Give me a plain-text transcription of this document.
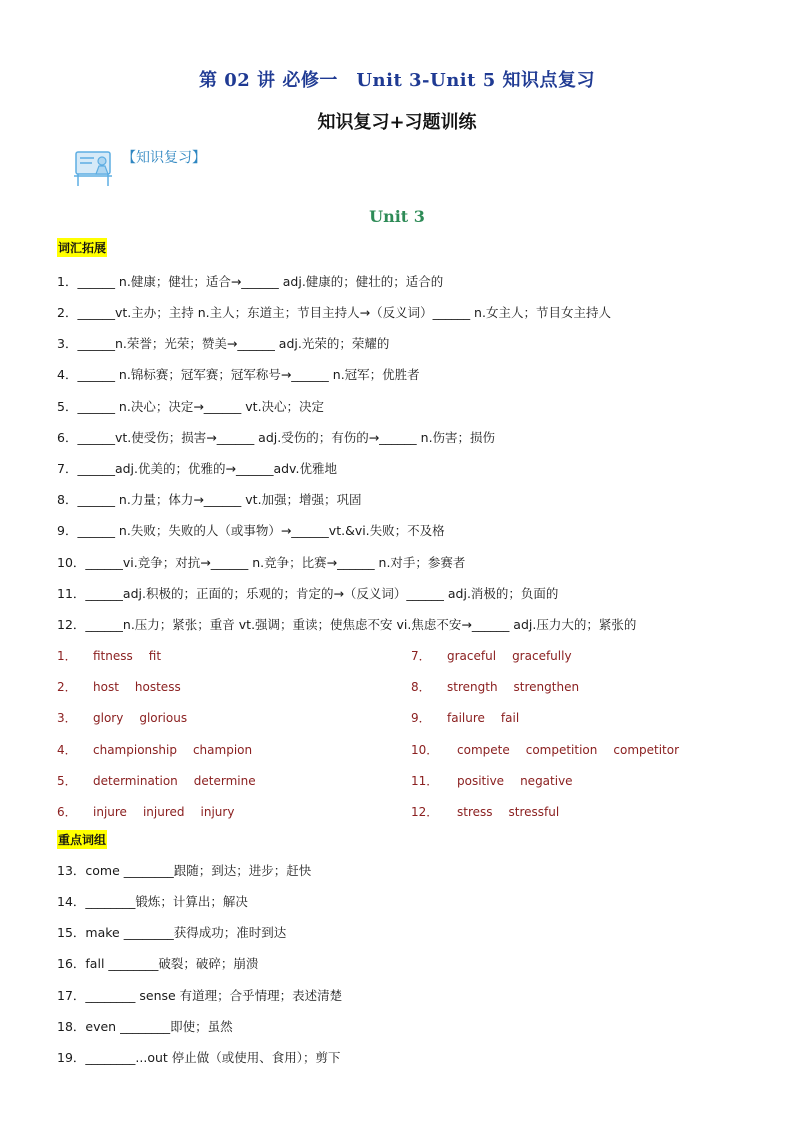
第 02 讲 必修一　Unit 3-Unit 5 知识点复习
知识复习+习题训练
【知识复习】
Unit 3
词汇拓展
1．______ n.健康；健壮；适合→______ adj.健康的；健壮的；适合的
2．______vt.主办；主持 n.主人；东道主；节目主持人→（反义词）______ n.女主人；节目女主持人
3．______n.荣誉；光荣；赞美→______ adj.光荣的；荣耀的
4．______ n.锦标赛；冠军赛；冠军称号→______ n.冠军；优胜者
5．______ n.决心；决定→______ vt.决心；决定
6．______vt.使受伤；损害→______ adj.受伤的；有伤的→______ n.伤害；损伤
7．______adj.优美的；优雅的→______adv.优雅地
8．______ n.力量；体力→______ vt.加强；增强；巩固
9．______ n.失败；失败的人（或事物）→______vt.&vi.失败；不及格
10．______vi.竞争；对抗→______ n.竞争；比赛→______ n.对手；参赛者
11．______adj.积极的；正面的；乐观的；肯定的→（反义词）______ adj.消极的；负面的
12．______n.压力；紧张；重音 vt.强调；重读；使焦虑不安 vi.焦虑不安→______ adj.压力大的；紧张的
1． fitness fit
2． host hostess
3． glory glorious
4． championship champion
5． determination determine
6． injure injured injury
7． graceful gracefully
8． strength strengthen
9． failure fail
10． compete competition competitor
11． positive negative
12． stress stressful
重点词组
13．come ________跟随；到达；进步；赶快
14．________锻炼；计算出；解决
15．make ________获得成功；准时到达
16．fall ________破裂；破碎；崩溃
17．________ sense 有道理；合乎情理；表述清楚
18．even ________即使；虽然
19．________...out 停止做（或使用、食用）；剪下
